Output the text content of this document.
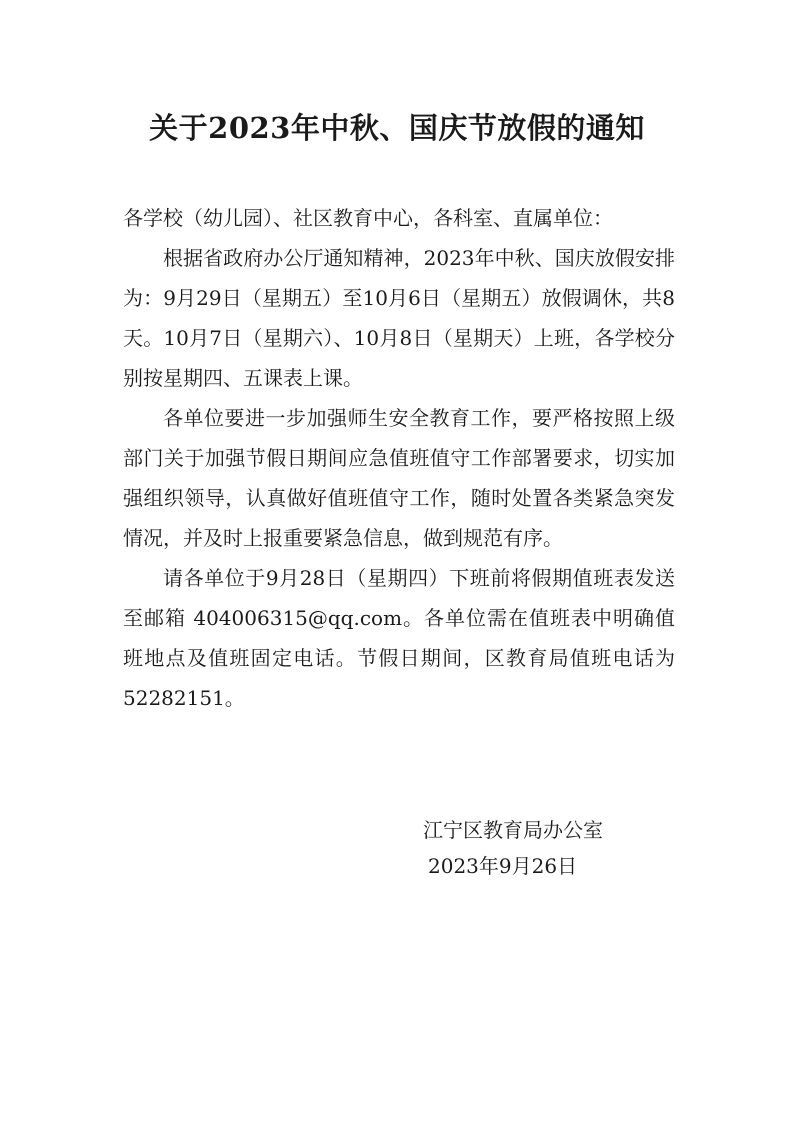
关于2023年中秋、国庆节放假的通知

各学校（幼儿园）、社区教育中心，各科室、直属单位：

根据省政府办公厅通知精神，2023年中秋、国庆放假安排为：9月29日（星期五）至10月6日（星期五）放假调休，共8天。10月7日（星期六）、10月8日（星期天）上班，各学校分别按星期四、五课表上课。

各单位要进一步加强师生安全教育工作，要严格按照上级部门关于加强节假日期间应急值班值守工作部署要求，切实加强组织领导，认真做好值班值守工作，随时处置各类紧急突发情况，并及时上报重要紧急信息，做到规范有序。

请各单位于9月28日（星期四）下班前将假期值班表发送至邮箱 404006315@qq.com。各单位需在值班表中明确值班地点及值班固定电话。节假日期间，区教育局值班电话为52282151。

江宁区教育局办公室
2023年9月26日
